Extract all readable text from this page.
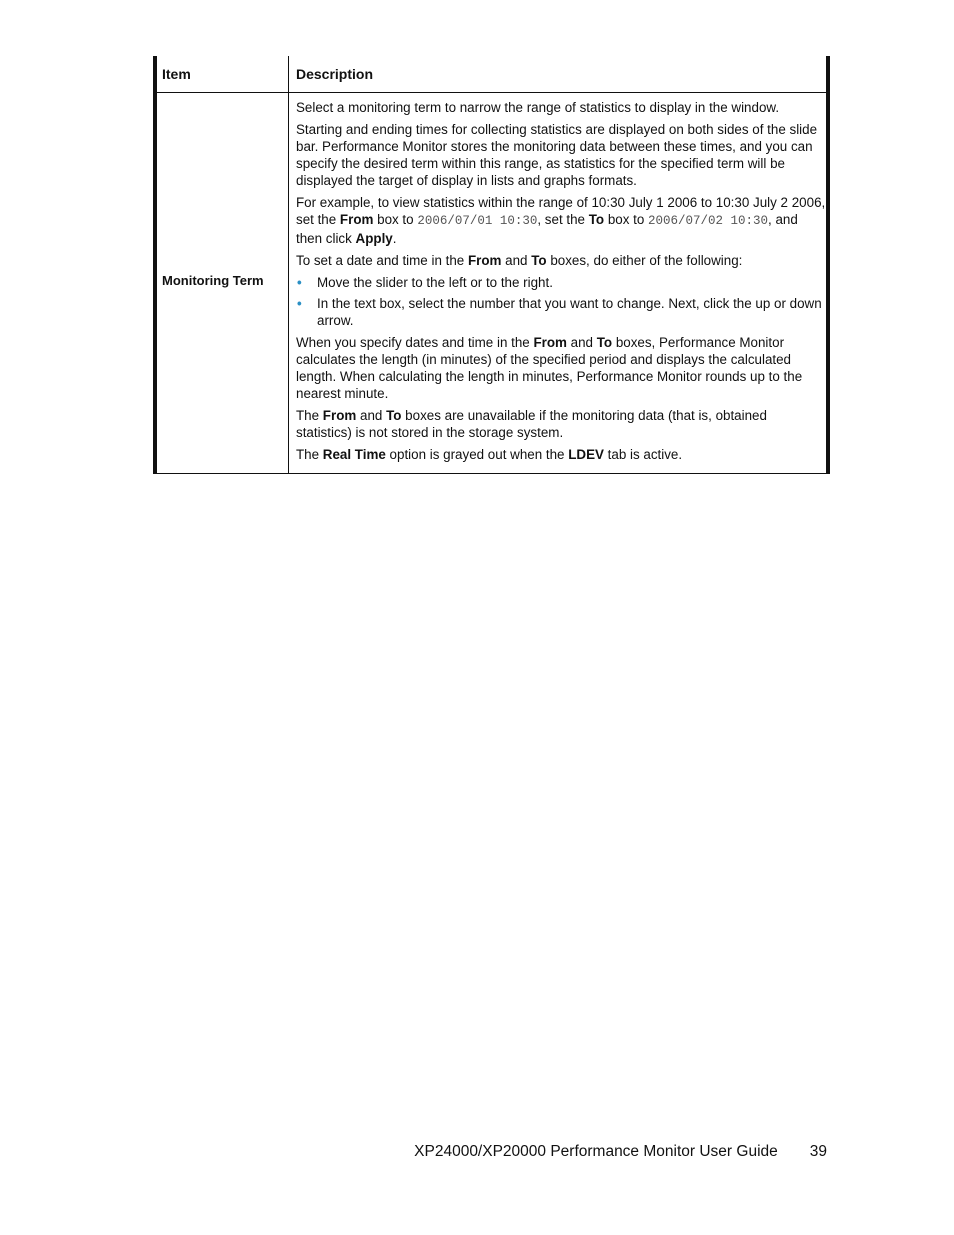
Item	Description
Monitoring Term

Select a monitoring term to narrow the range of statistics to display in the window.

Starting and ending times for collecting statistics are displayed on both sides of the slide bar. Performance Monitor stores the monitoring data between these times, and you can specify the desired term within this range, as statistics for the specified term will be displayed the target of display in lists and graphs formats.

For example, to view statistics within the range of 10:30 July 1 2006 to 10:30 July 2 2006, set the From box to 2006/07/01 10:30, set the To box to 2006/07/02 10:30, and then click Apply.

To set a date and time in the From and To boxes, do either of the following:

• Move the slider to the left or to the right.
• In the text box, select the number that you want to change. Next, click the up or down arrow.

When you specify dates and time in the From and To boxes, Performance Monitor calculates the length (in minutes) of the specified period and displays the calculated length. When calculating the length in minutes, Performance Monitor rounds up to the nearest minute.

The From and To boxes are unavailable if the monitoring data (that is, obtained statistics) is not stored in the storage system.

The Real Time option is grayed out when the LDEV tab is active.

XP24000/XP20000 Performance Monitor User Guide 39
